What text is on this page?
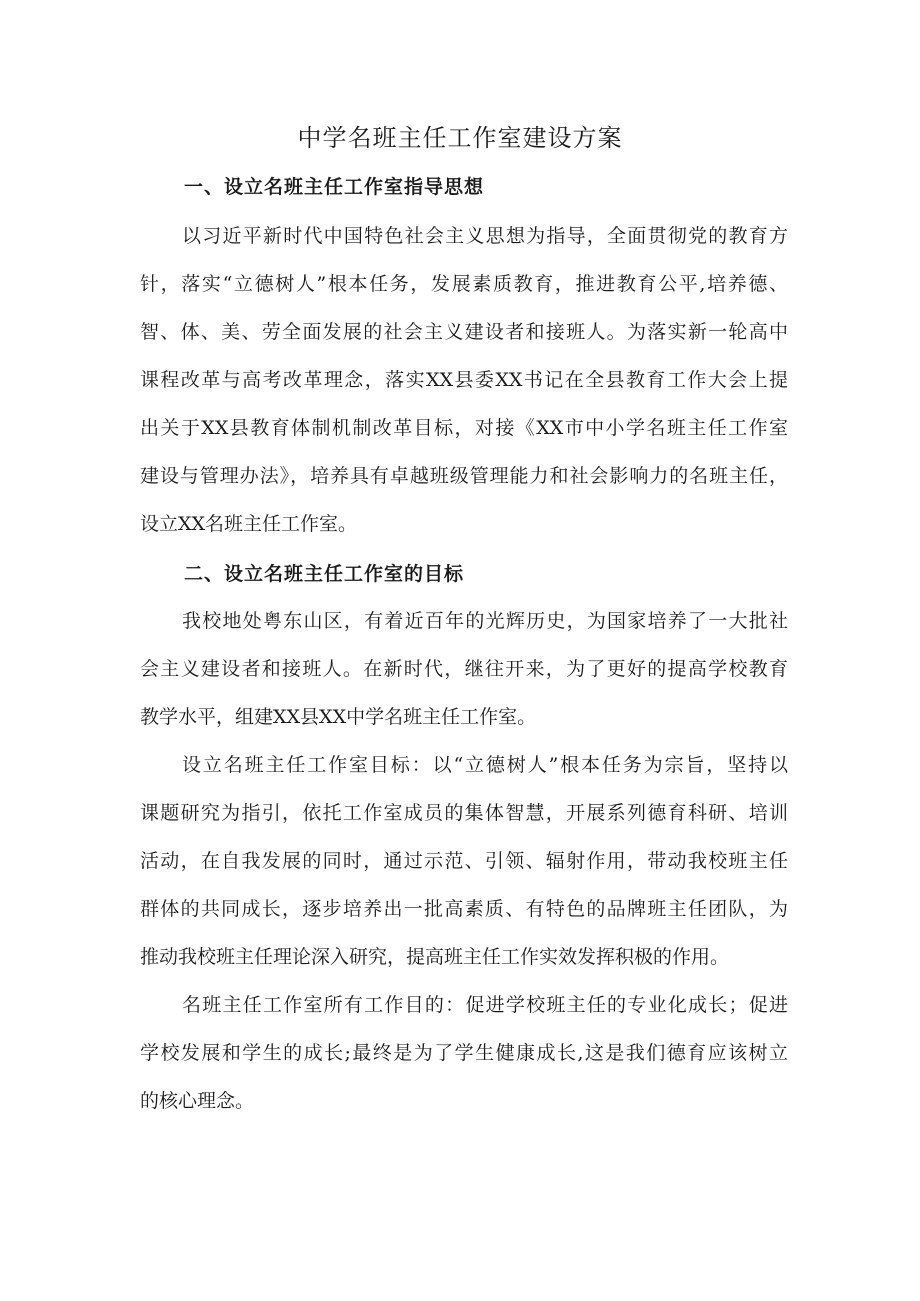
中学名班主任工作室建设方案
一、设立名班主任工作室指导思想
以习近平新时代中国特色社会主义思想为指导，全面贯彻党的教育方
针，落实“立德树人”根本任务，发展素质教育，推进教育公平,培养德、
智、体、美、劳全面发展的社会主义建设者和接班人。为落实新一轮高中
课程改革与高考改革理念，落实XX县委XX书记在全县教育工作大会上提
出关于XX县教育体制机制改革目标，对接《XX市中小学名班主任工作室
建设与管理办法》，培养具有卓越班级管理能力和社会影响力的名班主任，
设立XX名班主任工作室。
二、设立名班主任工作室的目标
我校地处粤东山区，有着近百年的光辉历史，为国家培养了一大批社
会主义建设者和接班人。在新时代，继往开来，为了更好的提高学校教育
教学水平，组建XX县XX中学名班主任工作室。
设立名班主任工作室目标：以“立德树人”根本任务为宗旨，坚持以
课题研究为指引，依托工作室成员的集体智慧，开展系列德育科研、培训
活动，在自我发展的同时，通过示范、引领、辐射作用，带动我校班主任
群体的共同成长，逐步培养出一批高素质、有特色的品牌班主任团队，为
推动我校班主任理论深入研究，提高班主任工作实效发挥积极的作用。
名班主任工作室所有工作目的：促进学校班主任的专业化成长；促进
学校发展和学生的成长;最终是为了学生健康成长,这是我们德育应该树立
的核心理念。
